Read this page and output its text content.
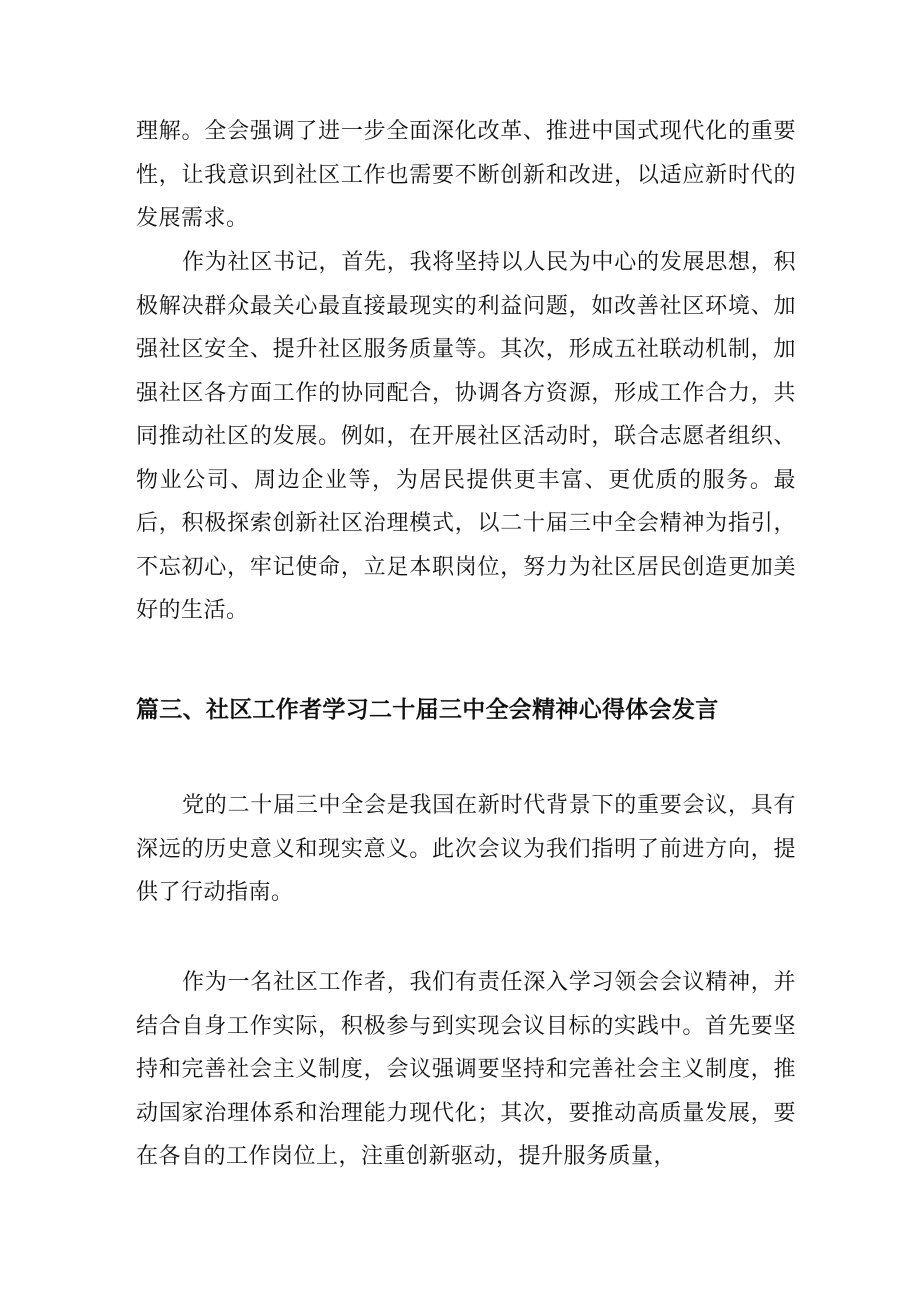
理解。全会强调了进一步全面深化改革、推进中国式现代化的重要性，让我意识到社区工作也需要不断创新和改进，以适应新时代的发展需求。

作为社区书记，首先，我将坚持以人民为中心的发展思想，积极解决群众最关心最直接最现实的利益问题，如改善社区环境、加强社区安全、提升社区服务质量等。其次，形成五社联动机制，加强社区各方面工作的协同配合，协调各方资源，形成工作合力，共同推动社区的发展。例如，在开展社区活动时，联合志愿者组织、物业公司、周边企业等，为居民提供更丰富、更优质的服务。最后，积极探索创新社区治理模式，以二十届三中全会精神为指引，不忘初心，牢记使命，立足本职岗位，努力为社区居民创造更加美好的生活。

篇三、社区工作者学习二十届三中全会精神心得体会发言

党的二十届三中全会是我国在新时代背景下的重要会议，具有深远的历史意义和现实意义。此次会议为我们指明了前进方向，提供了行动指南。

作为一名社区工作者，我们有责任深入学习领会会议精神，并结合自身工作实际，积极参与到实现会议目标的实践中。首先要坚持和完善社会主义制度，会议强调要坚持和完善社会主义制度，推动国家治理体系和治理能力现代化；其次，要推动高质量发展，要在各自的工作岗位上，注重创新驱动，提升服务质量，
